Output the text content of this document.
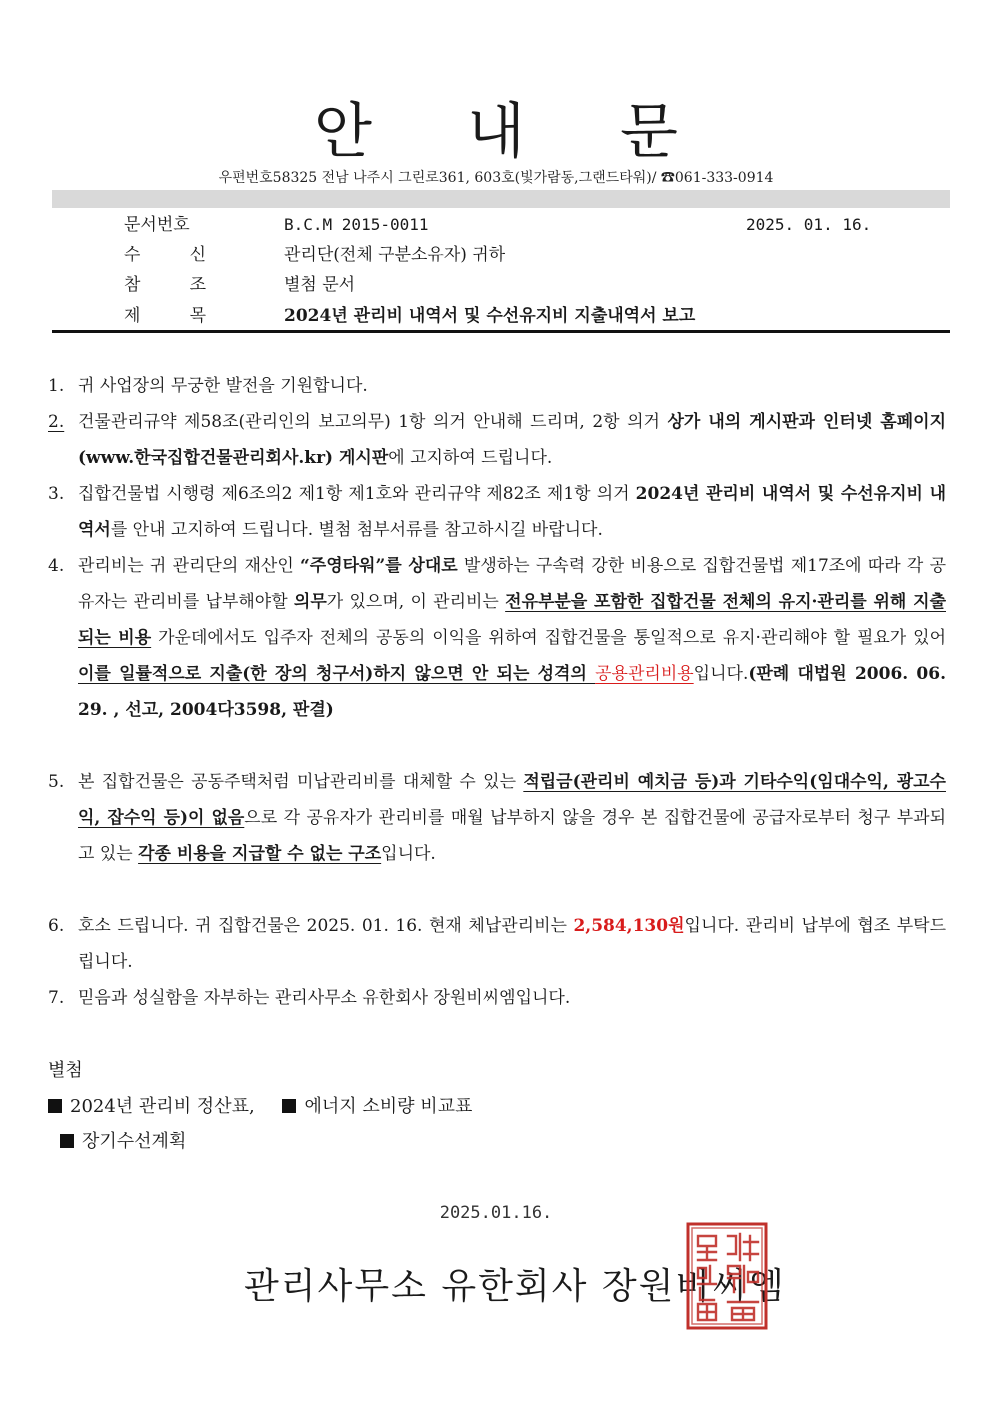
안 내 문
우편번호58325 전남 나주시 그린로361, 603호(빛가람동,그랜드타워)/ ☎061-333-0914
문서번호	B.C.M 2015-0011	2025. 01. 16.
수	신	관리단(전체 구분소유자) 귀하
참	조	별첨 문서
제	목	2024년 관리비 내역서 및 수선유지비 지출내역서 보고
1. 귀 사업장의 무궁한 발전을 기원합니다.
2. 건물관리규약 제58조(관리인의 보고의무) 1항 의거 안내해 드리며, 2항 의거 상가 내의 게시판과 인터넷 홈페이지(www.한국집합건물관리회사.kr) 게시판에 고지하여 드립니다.
3. 집합건물법 시행령 제6조의2 제1항 제1호와 관리규약 제82조 제1항 의거 2024년 관리비 내역서 및 수선유지비 내역서를 안내 고지하여 드립니다. 별첨 첨부서류를 참고하시길 바랍니다.
4. 관리비는 귀 관리단의 재산인 “주영타워”를 상대로 발생하는 구속력 강한 비용으로 집합건물법 제17조에 따라 각 공유자는 관리비를 납부해야할 의무가 있으며, 이 관리비는 전유부분을 포함한 집합건물 전체의 유지·관리를 위해 지출되는 비용 가운데에서도 입주자 전체의 공동의 이익을 위하여 집합건물을 통일적으로 유지·관리해야 할 필요가 있어 이를 일률적으로 지출(한 장의 청구서)하지 않으면 안 되는 성격의 공용관리비용입니다.(판례 대법원 2006. 06. 29. , 선고, 2004다3598, 판결)
5. 본 집합건물은 공동주택처럼 미납관리비를 대체할 수 있는 적립금(관리비 예치금 등)과 기타수익(임대수익, 광고수익, 잡수익 등)이 없음으로 각 공유자가 관리비를 매월 납부하지 않을 경우 본 집합건물에 공급자로부터 청구 부과되고 있는 각종 비용을 지급할 수 없는 구조입니다.
6. 호소 드립니다. 귀 집합건물은 2025. 01. 16. 현재 체납관리비는 2,584,130원입니다. 관리비 납부에 협조 부탁드립니다.
7. 믿음과 성실함을 자부하는 관리사무소 유한회사 장원비씨엠입니다.
별첨
2024년 관리비 정산표,	에너지 소비량 비교표
장기수선계획
2025.01.16.
관리사무소 유한회사 장원비씨엠
